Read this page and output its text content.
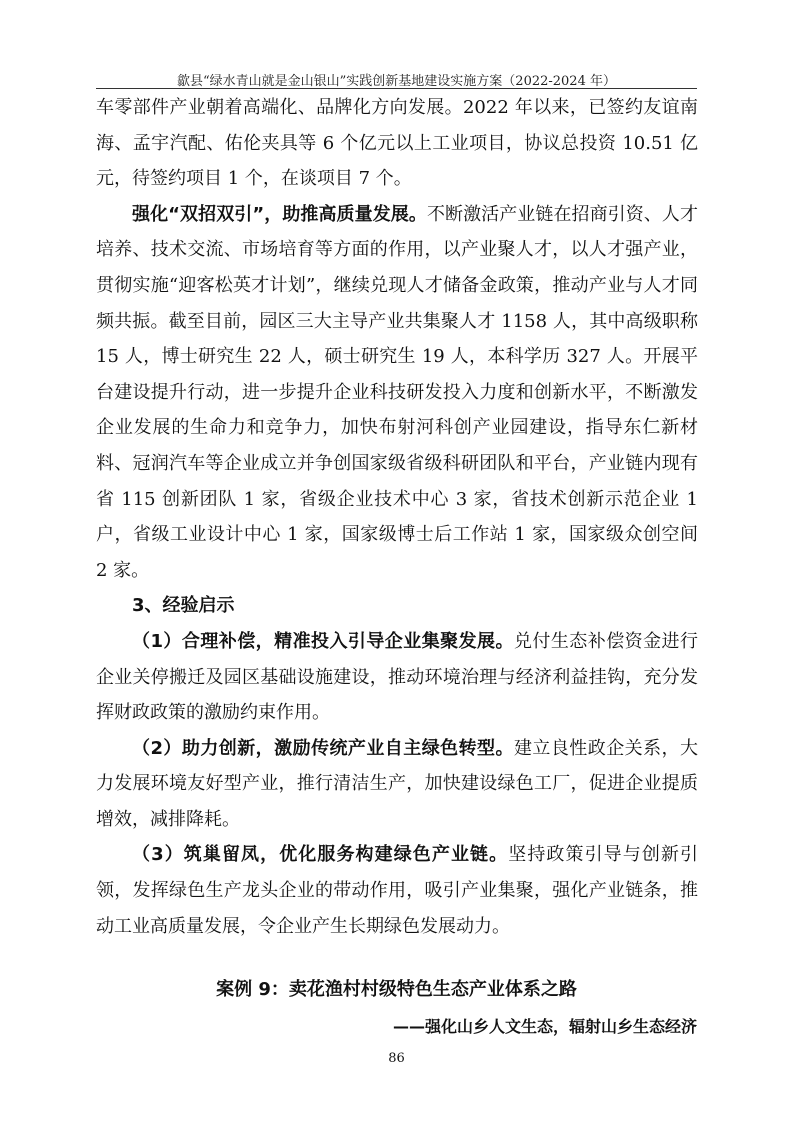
歙县“绿水青山就是金山银山”实践创新基地建设实施方案（2022-2024 年）

车零部件产业朝着高端化、品牌化方向发展。2022 年以来，已签约友谊南海、孟宇汽配、佑伦夹具等 6 个亿元以上工业项目，协议总投资 10.51 亿元，待签约项目 1 个，在谈项目 7 个。

强化“双招双引”，助推高质量发展。不断激活产业链在招商引资、人才培养、技术交流、市场培育等方面的作用，以产业聚人才，以人才强产业，贯彻实施“迎客松英才计划”，继续兑现人才储备金政策，推动产业与人才同频共振。截至目前，园区三大主导产业共集聚人才 1158 人，其中高级职称 15 人，博士研究生 22 人，硕士研究生 19 人，本科学历 327 人。开展平台建设提升行动，进一步提升企业科技研发投入力度和创新水平，不断激发企业发展的生命力和竞争力，加快布射河科创产业园建设，指导东仁新材料、冠润汽车等企业成立并争创国家级省级科研团队和平台，产业链内现有省 115 创新团队 1 家，省级企业技术中心 3 家，省技术创新示范企业 1 户，省级工业设计中心 1 家，国家级博士后工作站 1 家，国家级众创空间 2 家。

3、经验启示

（1）合理补偿，精准投入引导企业集聚发展。兑付生态补偿资金进行企业关停搬迁及园区基础设施建设，推动环境治理与经济利益挂钩，充分发挥财政政策的激励约束作用。

（2）助力创新，激励传统产业自主绿色转型。建立良性政企关系，大力发展环境友好型产业，推行清洁生产，加快建设绿色工厂，促进企业提质增效，减排降耗。

（3）筑巢留凤，优化服务构建绿色产业链。坚持政策引导与创新引领，发挥绿色生产龙头企业的带动作用，吸引产业集聚，强化产业链条，推动工业高质量发展，令企业产生长期绿色发展动力。

案例 9：卖花渔村村级特色生态产业体系之路
——强化山乡人文生态，辐射山乡生态经济
86
